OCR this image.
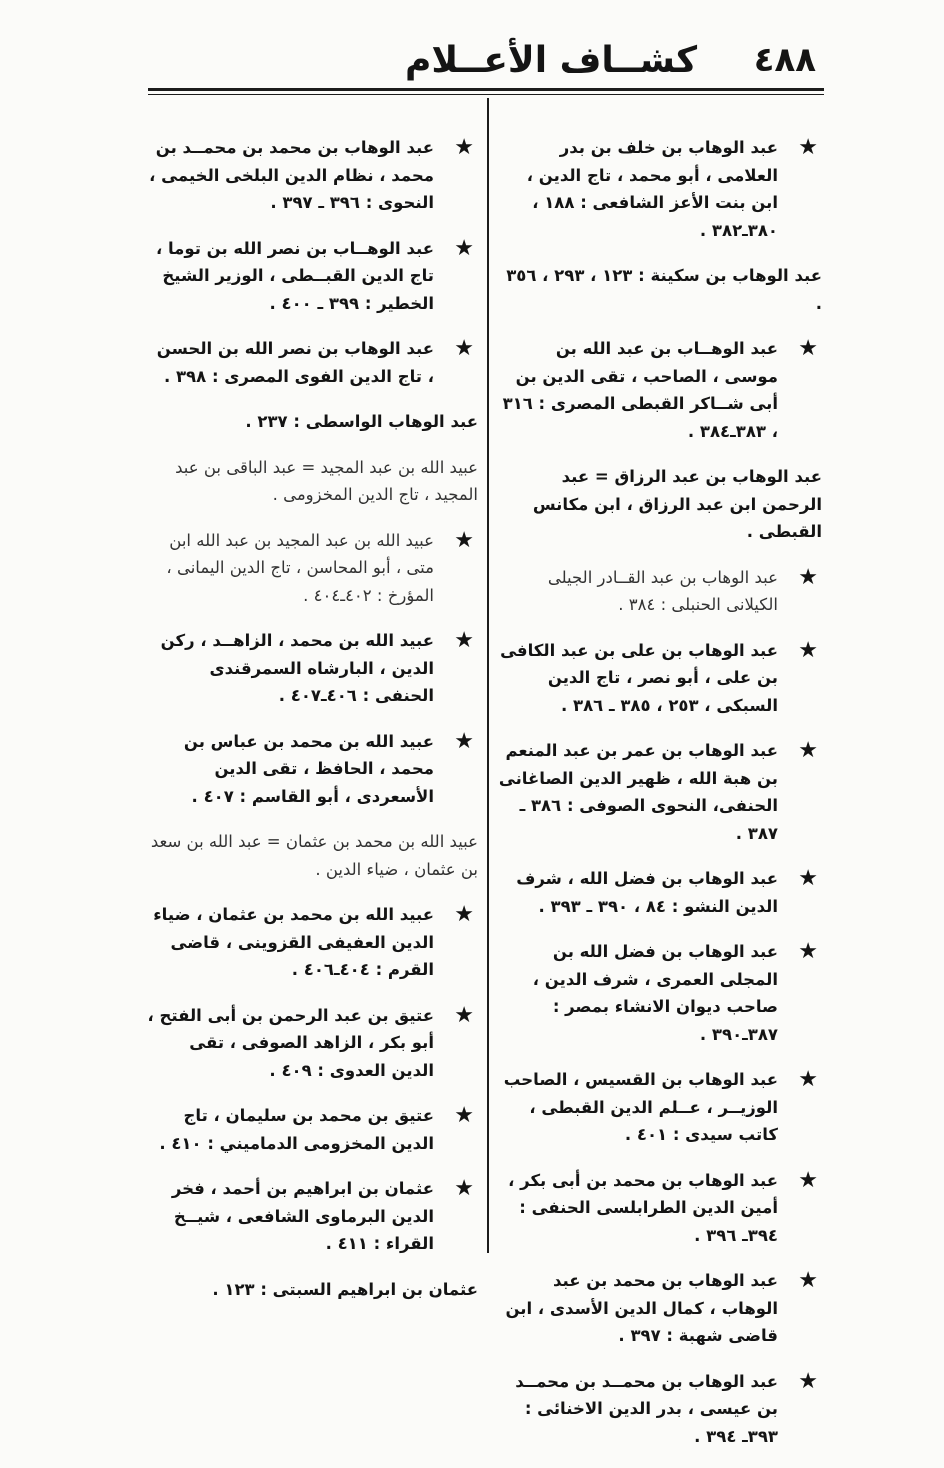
٤٨٨
كشــاف الأعــلام
★
عبد الوهاب بن خلف بن بدر العلامى ، أبو محمد ، تاج الدين ، ابن بنت الأعز الشافعى : ١٨٨ ، ٣٨٠ـ٣٨٢ .
عبد الوهاب بن سكينة : ١٢٣ ، ٢٩٣ ، ٣٥٦ .
★
عبد الوهــاب بن عبد الله بن موسى ، الصاحب ، تقى الدين بن أبى شــاكر القبطى المصرى : ٣١٦ ، ٣٨٣ـ٣٨٤ .
عبد الوهاب بن عبد الرزاق = عبد الرحمن ابن عبد الرزاق ، ابن مكانس القبطى .
★
عبد الوهاب بن عبد القــادر الجيلى الكيلانى الحنبلى : ٣٨٤ .
★
عبد الوهاب بن على بن عبد الكافى بن على ، أبو نصر ، تاج الدين السبكى ، ٢٥٣ ، ٣٨٥ ـ ٣٨٦ .
★
عبد الوهاب بن عمر بن عبد المنعم بن هبة الله ، ظهير الدين الصاغانى الحنفى، النحوى الصوفى : ٣٨٦ ـ ٣٨٧ .
★
عبد الوهاب بن فضل الله ، شرف الدين النشو : ٨٤ ، ٣٩٠ ـ ٣٩٣ .
★
عبد الوهاب بن فضل الله بن المجلى العمرى ، شرف الدين ، صاحب ديوان الانشاء بمصر : ٣٨٧ـ٣٩٠ .
★
عبد الوهاب بن القسيس ، الصاحب الوزيــر ، عــلم الدين القبطى ، كاتب سيدى : ٤٠١ .
★
عبد الوهاب بن محمد بن أبى بكر ، أمين الدين الطرابلسى الحنفى : ٣٩٤ـ ٣٩٦ .
★
عبد الوهاب بن محمد بن عبد الوهاب ، كمال الدين الأسدى ، ابن قاضى شهبة : ٣٩٧ .
★
عبد الوهاب بن محمــد بن محمــد بن عيسى ، بدر الدين الاخنائى : ٣٩٣ـ ٣٩٤ .
★
عبد الوهاب بن محمد بن محمــد بن محمد ، نظام الدين البلخى الخيمى ، النحوى : ٣٩٦ ـ ٣٩٧ .
★
عبد الوهــاب بن نصر الله بن توما ، تاج الدين القبــطى ، الوزير الشيخ الخطير : ٣٩٩ ـ ٤٠٠ .
★
عبد الوهاب بن نصر الله بن الحسن ، تاج الدين الفوى المصرى : ٣٩٨ .
عبد الوهاب الواسطى : ٢٣٧ .
عبيد الله بن عبد المجيد = عبد الباقى بن عبد المجيد ، تاج الدين المخزومى .
★
عبيد الله بن عبد المجيد بن عبد الله ابن متى ، أبو المحاسن ، تاج الدين اليمانى ، المؤرخ : ٤٠٢ـ٤٠٤ .
★
عبيد الله بن محمد ، الزاهــد ، ركن الدين ، البارشاه السمرقندى الحنفى : ٤٠٦ـ٤٠٧ .
★
عبيد الله بن محمد بن عباس بن محمد ، الحافظ ، تقى الدين الأسعردى ، أبو القاسم : ٤٠٧ .
عبيد الله بن محمد بن عثمان = عبد الله بن سعد بن عثمان ، ضياء الدين .
★
عبيد الله بن محمد بن عثمان ، ضياء الدين العفيفى القزوينى ، قاضى القرم : ٤٠٤ـ٤٠٦ .
★
عتيق بن عبد الرحمن بن أبى الفتح ، أبو بكر ، الزاهد الصوفى ، تقى الدين العدوى : ٤٠٩ .
★
عتيق بن محمد بن سليمان ، تاج الدين المخزومى الدماميني : ٤١٠ .
★
عثمان بن ابراهيم بن أحمد ، فخر الدين البرماوى الشافعى ، شيــخ القراء : ٤١١ .
عثمان بن ابراهيم السبتى : ١٢٣ .
